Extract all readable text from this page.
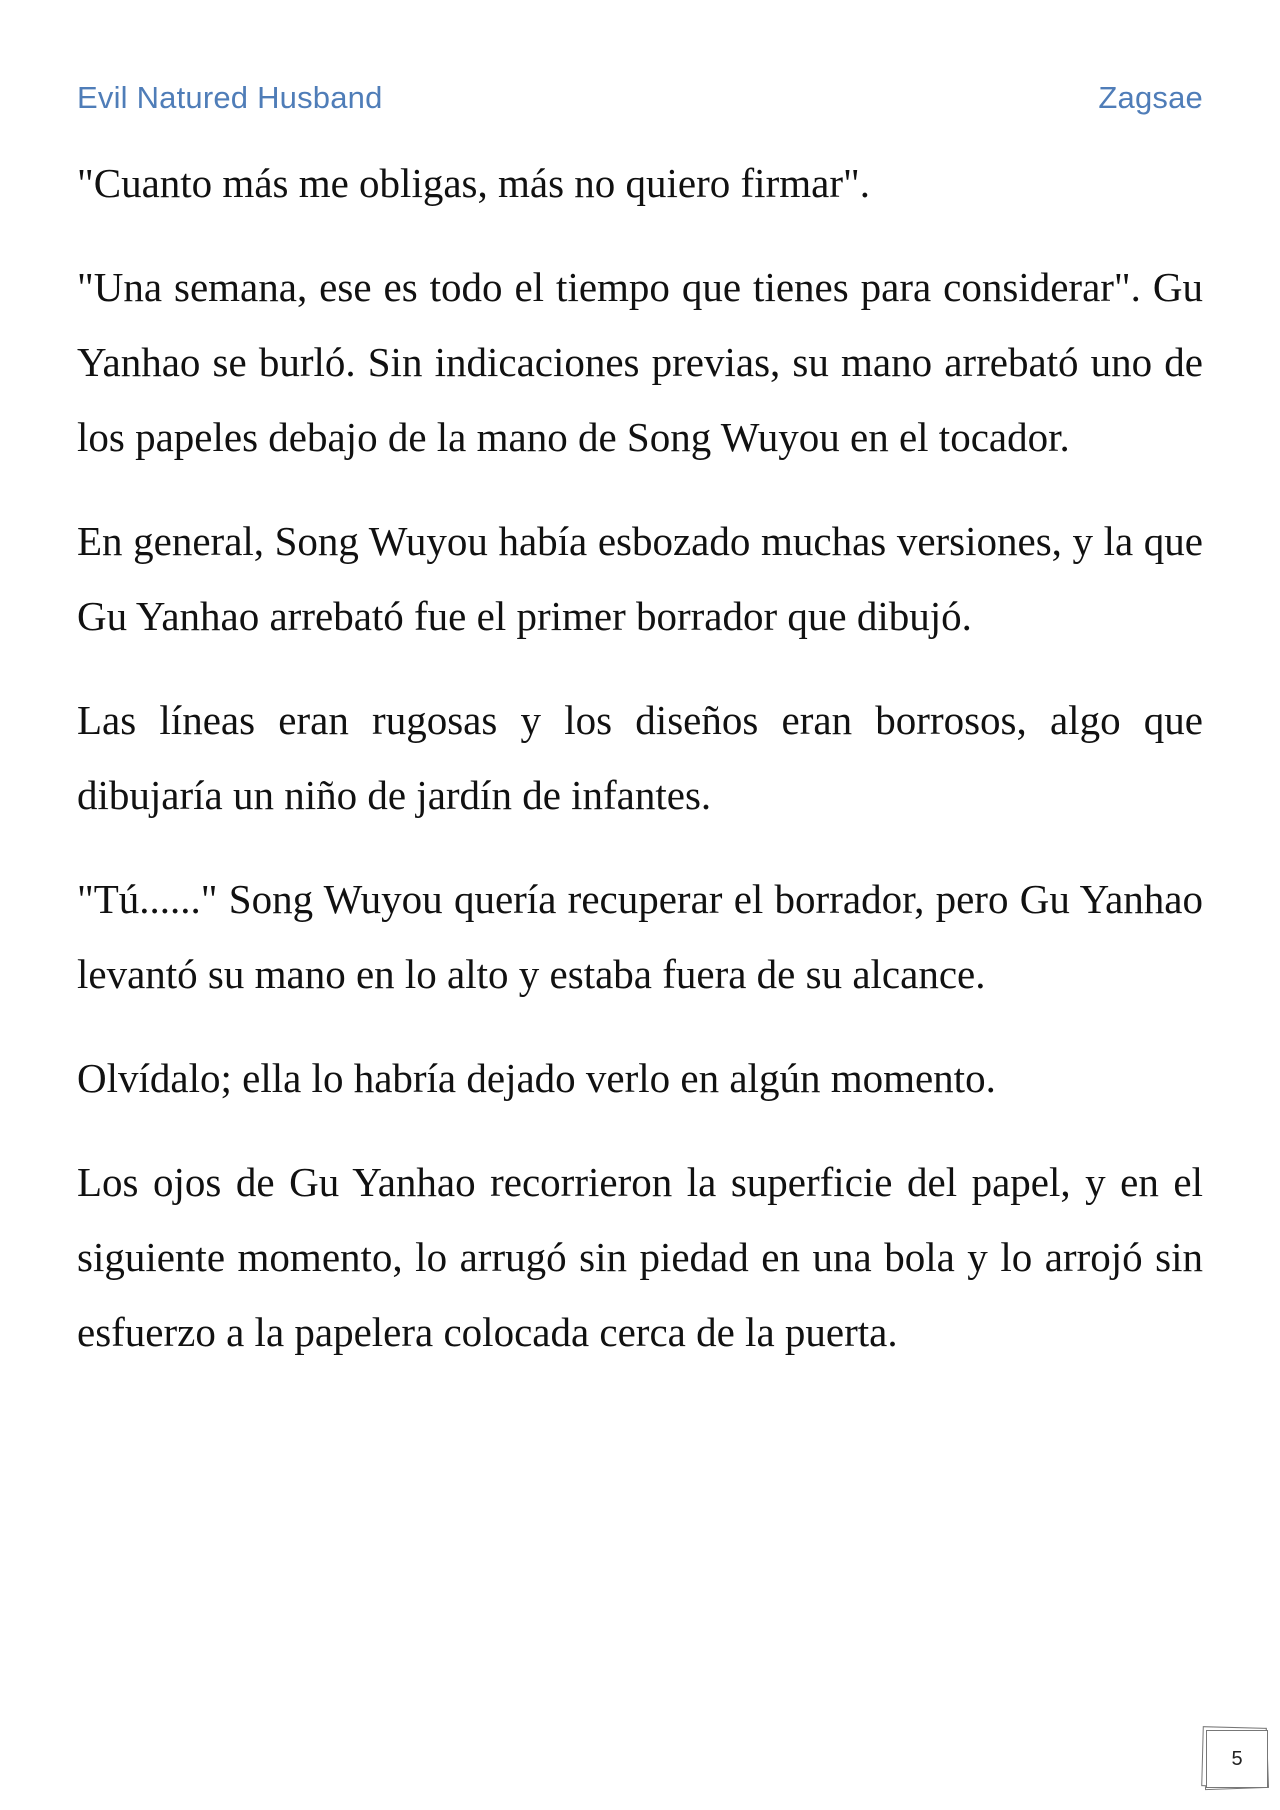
Evil Natured Husband	Zagsae

"Cuanto más me obligas, más no quiero firmar".

"Una semana, ese es todo el tiempo que tienes para considerar". Gu Yanhao se burló. Sin indicaciones previas, su mano arrebató uno de los papeles debajo de la mano de Song Wuyou en el tocador.

En general, Song Wuyou había esbozado muchas versiones, y la que Gu Yanhao arrebató fue el primer borrador que dibujó.

Las líneas eran rugosas y los diseños eran borrosos, algo que dibujaría un niño de jardín de infantes.

"Tú......" Song Wuyou quería recuperar el borrador, pero Gu Yanhao levantó su mano en lo alto y estaba fuera de su alcance.

Olvídalo; ella lo habría dejado verlo en algún momento.

Los ojos de Gu Yanhao recorrieron la superficie del papel, y en el siguiente momento, lo arrugó sin piedad en una bola y lo arrojó sin esfuerzo a la papelera colocada cerca de la puerta.

5
